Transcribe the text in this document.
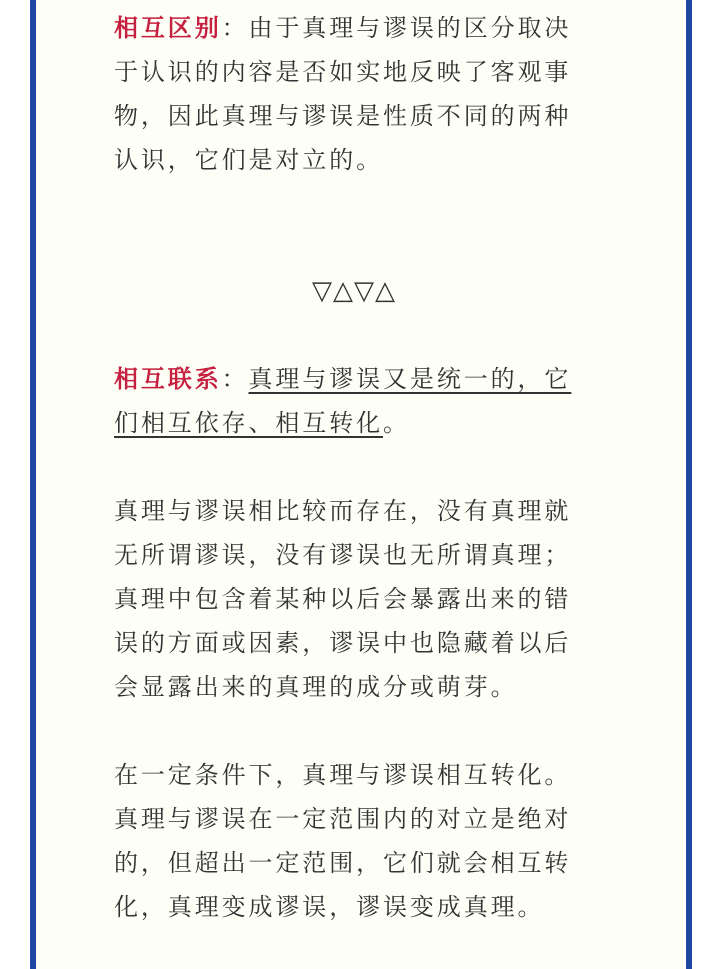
相互区别：由于真理与谬误的区分取决于认识的内容是否如实地反映了客观事物，因此真理与谬误是性质不同的两种认识，它们是对立的。

▽△▽△

相互联系：真理与谬误又是统一的，它们相互依存、相互转化。

真理与谬误相比较而存在，没有真理就无所谓谬误，没有谬误也无所谓真理；真理中包含着某种以后会暴露出来的错误的方面或因素，谬误中也隐藏着以后会显露出来的真理的成分或萌芽。

在一定条件下，真理与谬误相互转化。真理与谬误在一定范围内的对立是绝对的，但超出一定范围，它们就会相互转化，真理变成谬误，谬误变成真理。
